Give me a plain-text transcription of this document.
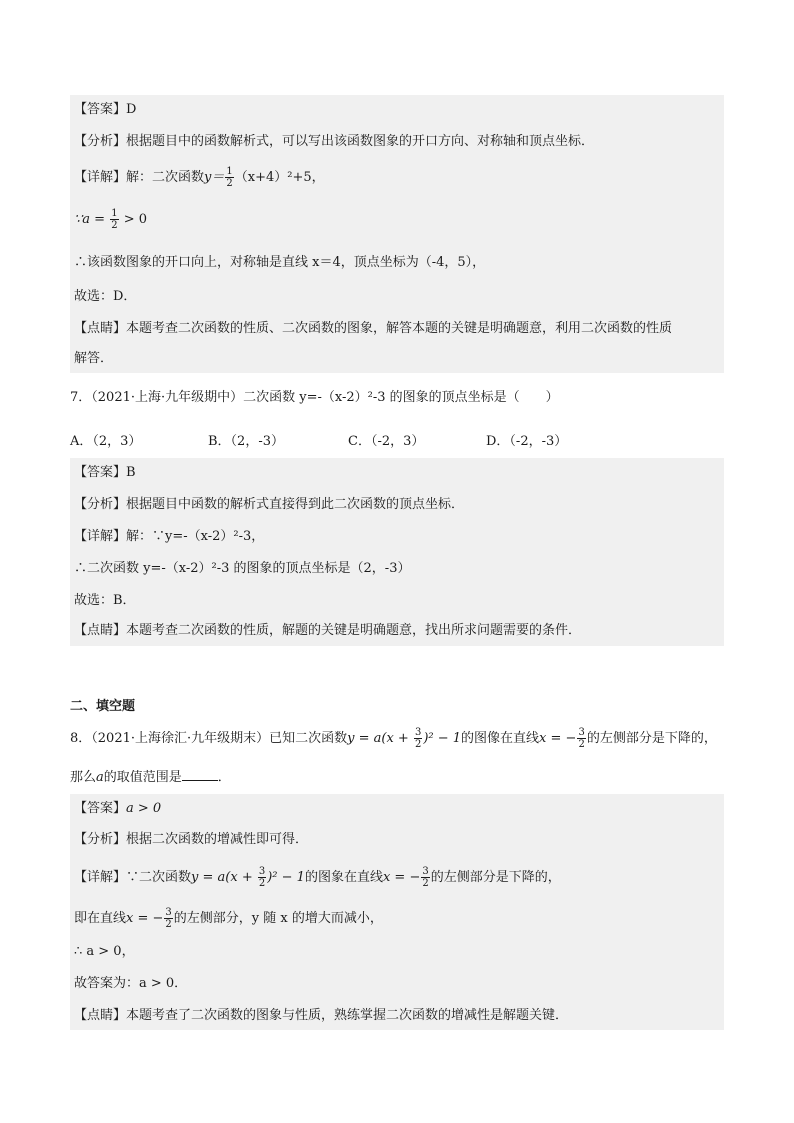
【答案】D
【分析】根据题目中的函数解析式，可以写出该函数图象的开口方向、对称轴和顶点坐标．
【详解】解：二次函数$y= \frac{1}{2} (x+4)^2+5$，
∵a = $\frac{1}{2} > 0$
∴该函数图象的开口向上，对称轴是直线 x＝4，顶点坐标为（-4，5），
故选：D．
【点睛】本题考查二次函数的性质、二次函数的图象，解答本题的关键是明确题意，利用二次函数的性质
解答．
7．（2021·上海·九年级期中）二次函数 y=-（x-2）²-3 的图象的顶点坐标是（　　）
A．（2，3）	B．（2，-3）	C．（-2，3）	D．（-2，-3）
【答案】B
【分析】根据题目中函数的解析式直接得到此二次函数的顶点坐标．
【详解】解：∵y=-（x-2）²-3，
∴二次函数 y=-（x-2）²-3 的图象的顶点坐标是（2，-3）
故选：B．
【点睛】本题考查二次函数的性质，解题的关键是明确题意，找出所求问题需要的条件．
二、填空题
8．（2021·上海徐汇·九年级期末）已知二次函数$y = a(x + \frac{3}{2} )^2 - 1$的图像在直线x = − $\frac{3}{2}$ 的左侧部分是下降的，
那么a的取值范围是	．
【答案】a > 0
【分析】根据二次函数的增减性即可得．
【详解】∵二次函数$y = a(x + \frac{3}{2} )^2 - 1$的图象在直线x = − $\frac{3}{2}$ 的左侧部分是下降的，
即在直线x = − $\frac{3}{2}$ 的左侧部分，y 随 x 的增大而减小，
∴ a > 0，
故答案为：a > 0．
【点睛】本题考查了二次函数的图象与性质，熟练掌握二次函数的增减性是解题关键．
